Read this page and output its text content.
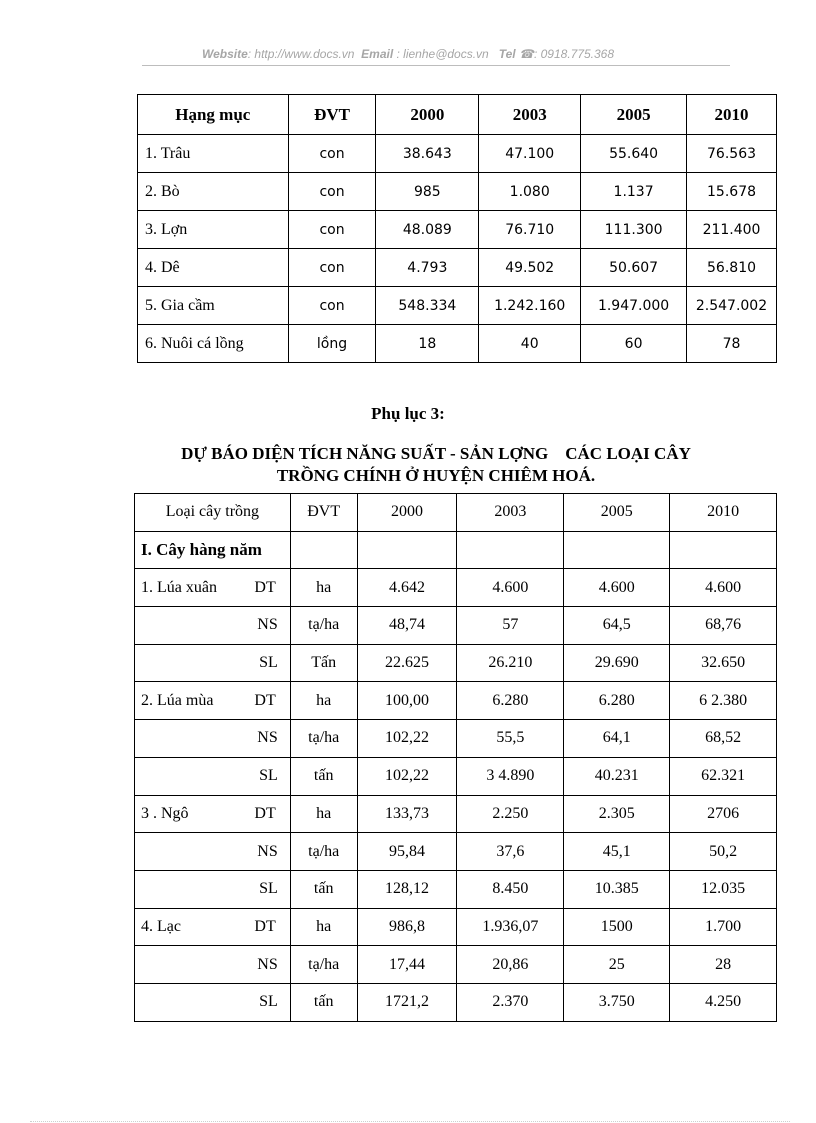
Website: http://www.docs.vn Email : lienhe@docs.vn Tel ☎: 0918.775.368
Hạng mục	ĐVT	2000	2003	2005	2010
1. Trâu	con	38.643	47.100	55.640	76.563
2. Bò	con	985	1.080	1.137	15.678
3. Lợn	con	48.089	76.710	111.300	211.400
4. Dê	con	4.793	49.502	50.607	56.810
5. Gia cầm	con	548.334	1.242.160	1.947.000	2.547.002
6. Nuôi cá lồng	lồng	18	40	60	78
Phụ lục 3:
DỰ BÁO DIỆN TÍCH NĂNG SUẤT - SẢN LỢNG    CÁC LOẠI CÂY
TRỒNG CHÍNH Ở HUYỆN CHIÊM HOÁ.
Loại cây trồng	ĐVT	2000	2003	2005	2010
I. Cây hàng năm					

1. Lúa xuân DT	ha	4.642	4.600	4.600	4.600
NS	tạ/ha	48,74	57	64,5	68,76
SL	Tấn	22.625	26.210	29.690	32.650

2. Lúa mùa DT	ha	100,00	6.280	6.280	6 2.380
NS	tạ/ha	102,22	55,5	64,1	68,52
SL	tấn	102,22	3 4.890	40.231	62.321

3 . Ngô DT	ha	133,73	2.250	2.305	2706
NS	tạ/ha	95,84	37,6	45,1	50,2
SL	tấn	128,12	8.450	10.385	12.035

4. Lạc DT	ha	986,8	1.936,07	1500	1.700
NS	tạ/ha	17,44	20,86	25	28
SL	tấn	1721,2	2.370	3.750	4.250
